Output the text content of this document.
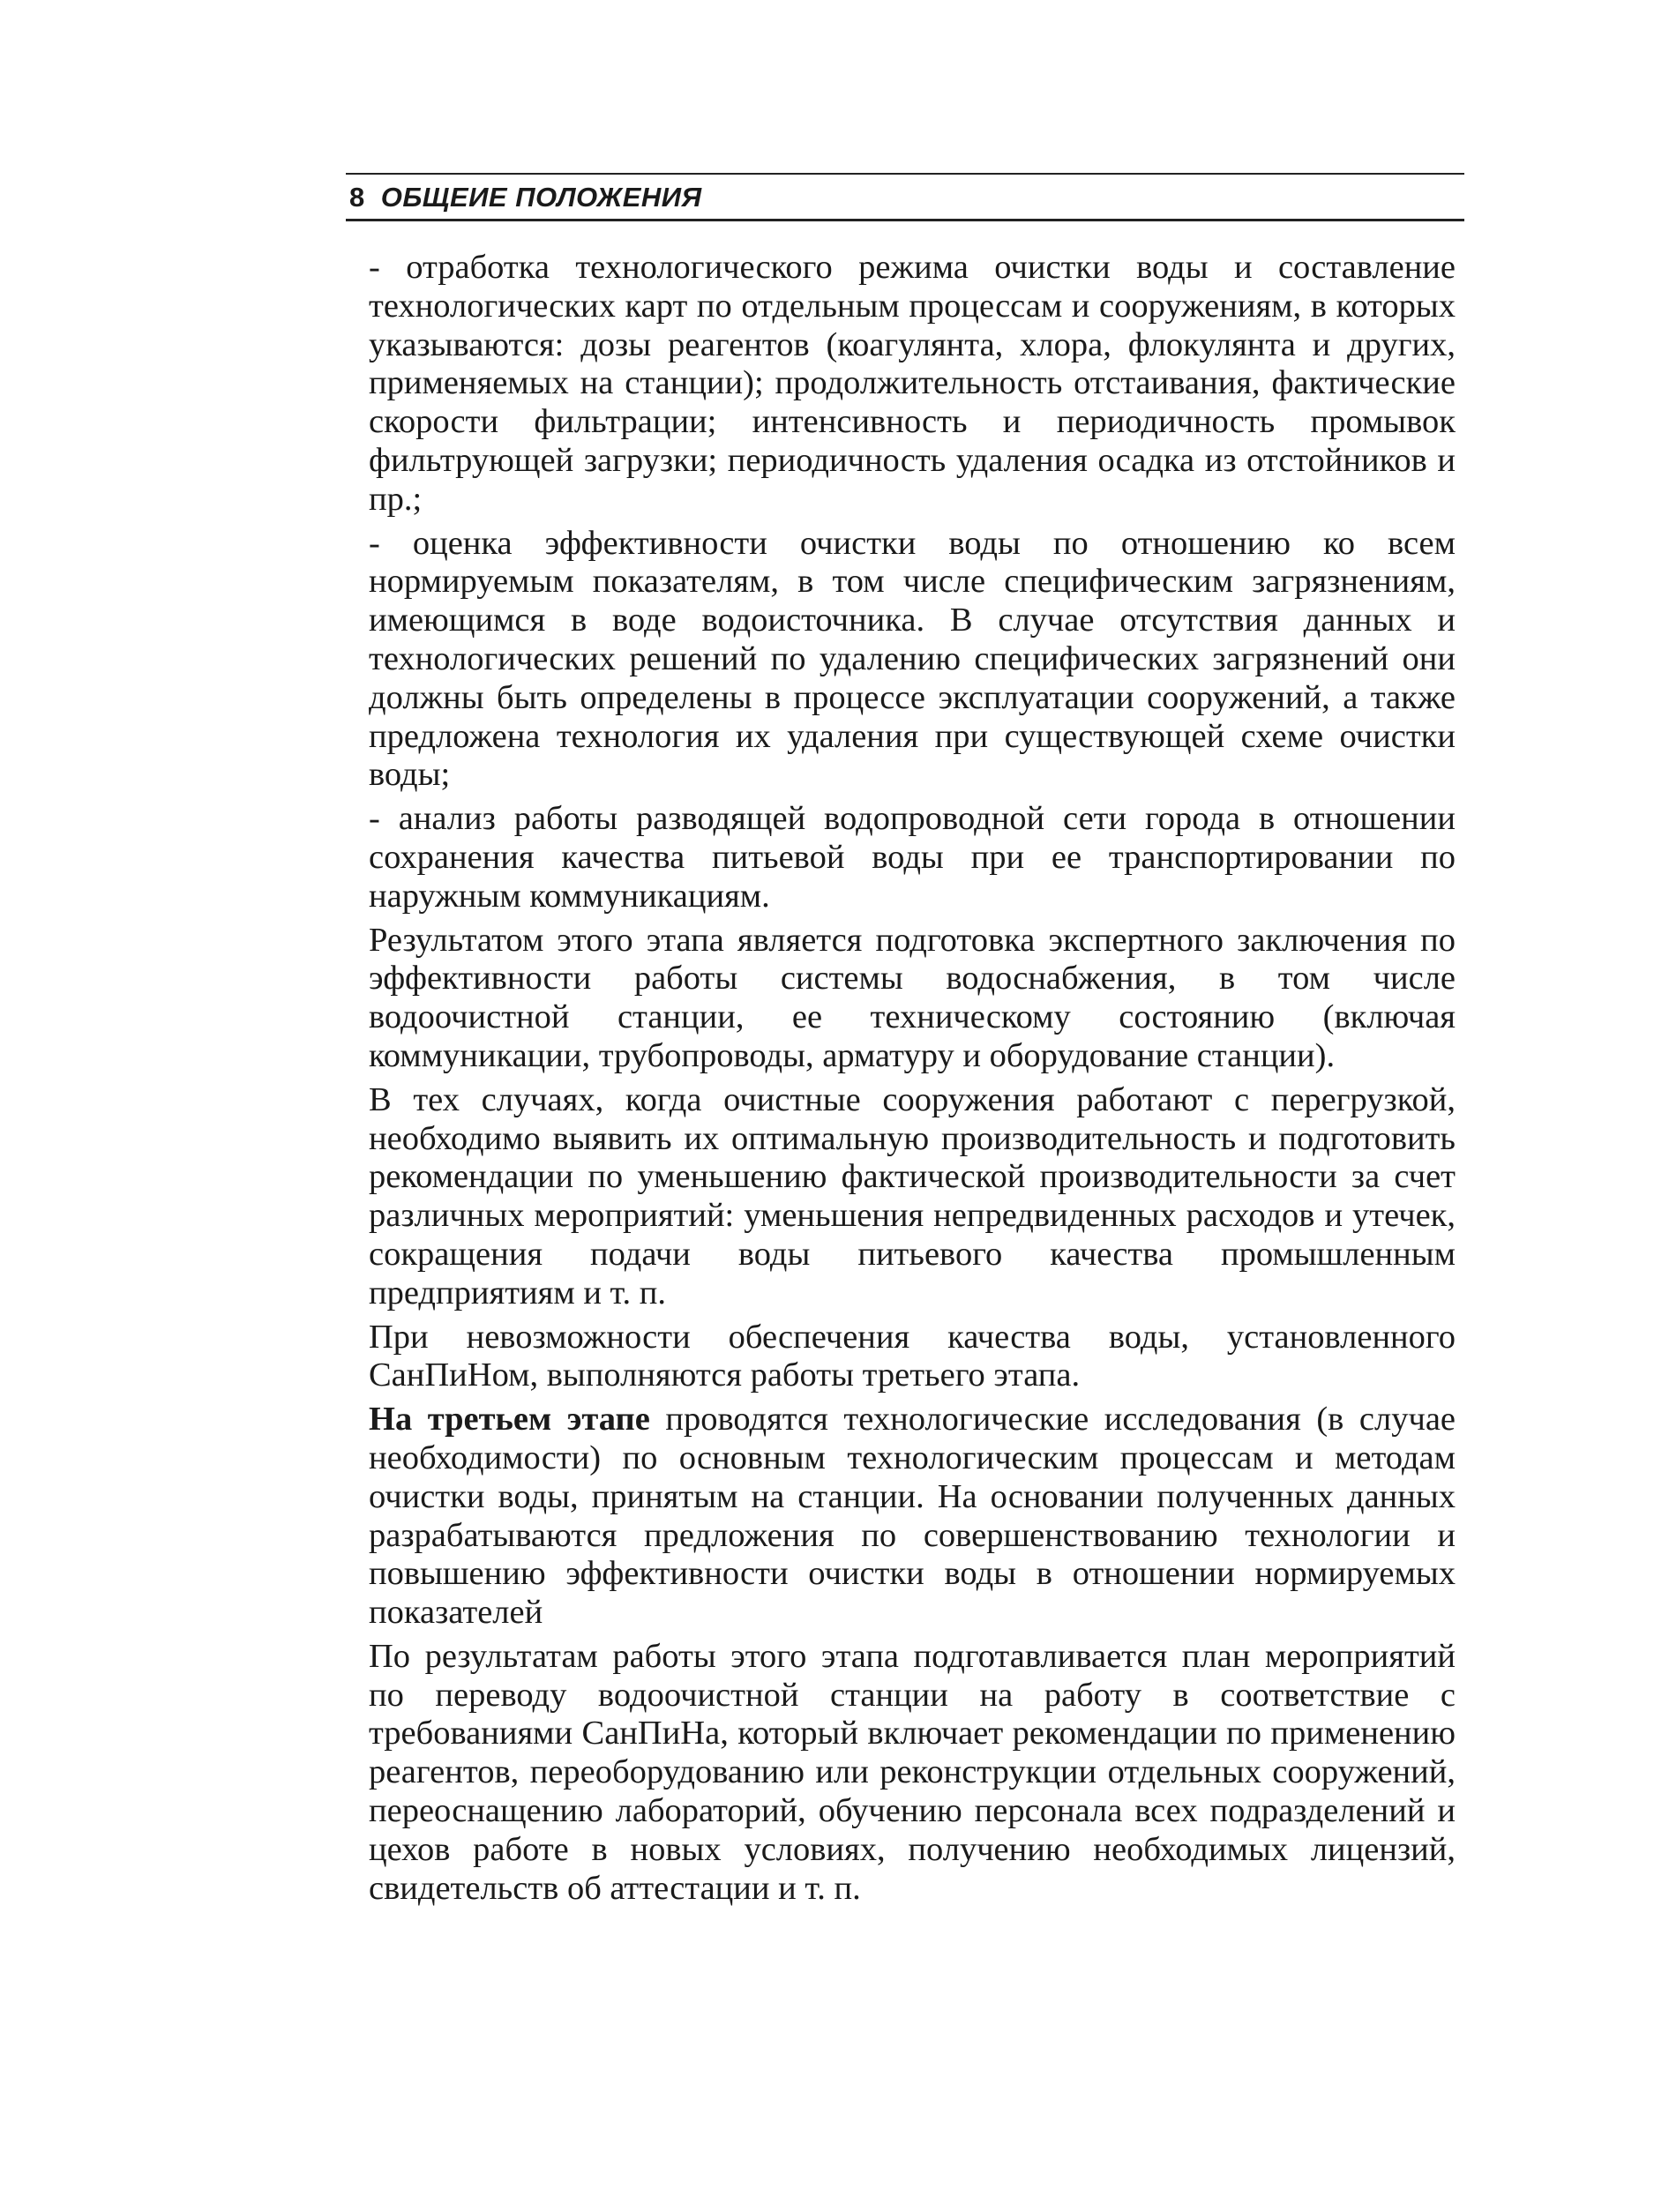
8 ОБЩЕИЕ ПОЛОЖЕНИЯ

- отработка технологического режима очистки воды и составление технологических карт по отдельным процессам и сооружениям, в которых указываются: дозы реагентов (коагулянта, хлора, флокулянта и других, применяемых на станции); продолжительность отстаивания, фактические скорости фильтрации; интенсивность и периодичность промывок фильтрующей загрузки; периодичность удаления осадка из отстойников и пр.;

- оценка эффективности очистки воды по отношению ко всем нормируемым показателям, в том числе специфическим загрязнениям, имеющимся в воде водоисточника. В случае отсутствия данных и технологических решений по удалению специфических загрязнений они должны быть определены в процессе эксплуатации сооружений, а также предложена технология их удаления при существующей схеме очистки воды;

- анализ работы разводящей водопроводной сети города в отношении сохранения качества питьевой воды при ее транспортировании по наружным коммуникациям.

Результатом этого этапа является подготовка экспертного заключения по эффективности работы системы водоснабжения, в том числе водоочистной станции, ее техническому состоянию (включая коммуникации, трубопроводы, арматуру и оборудование станции).

В тех случаях, когда очистные сооружения работают с перегрузкой, необходимо выявить их оптимальную производительность и подготовить рекомендации по уменьшению фактической производительности за счет различных мероприятий: уменьшения непредвиденных расходов и утечек, сокращения подачи воды питьевого качества промышленным предприятиям и т. п.

При невозможности обеспечения качества воды, установленного СанПиНом, выполняются работы третьего этапа.

На третьем этапе проводятся технологические исследования (в случае необходимости) по основным технологическим процессам и методам очистки воды, принятым на станции. На основании полученных данных разрабатываются предложения по совершенствованию технологии и повышению эффективности очистки воды в отношении нормируемых показателей

По результатам работы этого этапа подготавливается план мероприятий по переводу водоочистной станции на работу в соответствие с требованиями СанПиНа, который включает рекомендации по применению реагентов, переоборудованию или реконструкции отдельных сооружений, переоснащению лабораторий, обучению персонала всех подразделений и цехов работе в новых условиях, получению необходимых лицензий, свидетельств об аттестации и т. п.
